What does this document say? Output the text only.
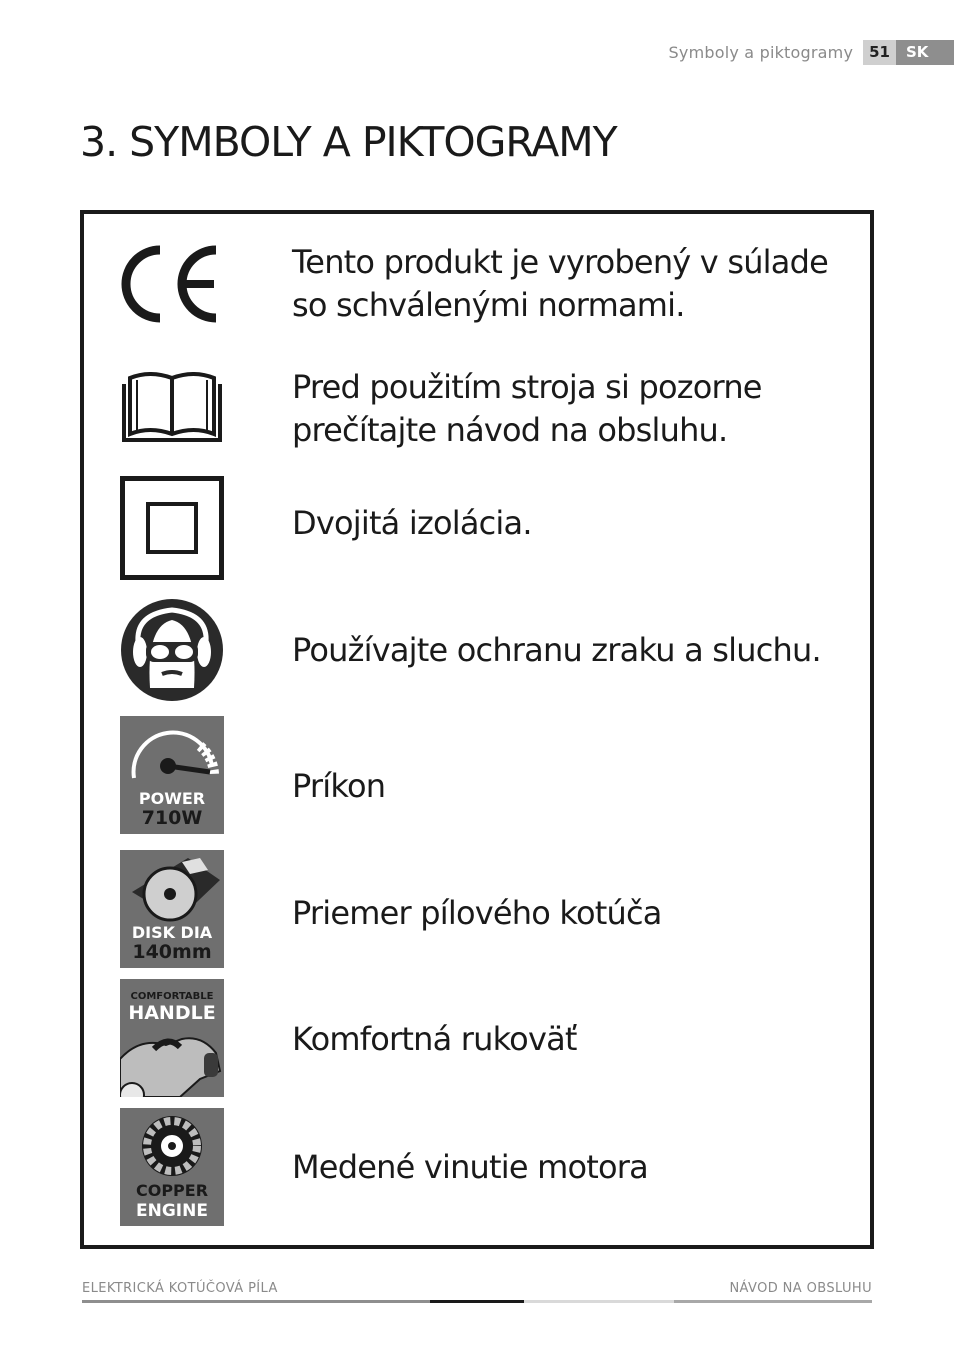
Symboly a piktogramy	51	SK
3. SYMBOLY A PIKTOGRAMY
Tento produkt je vyrobený v súlade
so schválenými normami.
Pred použitím stroja si pozorne
prečítajte návod na obsluhu.
Dvojitá izolácia.
Používajte ochranu zraku a sluchu.
POWER
710W
Príkon
DISK DIA
140mm
Priemer pílového kotúča
COMFORTABLE
HANDLE
Komfortná rukoväť
COPPER
ENGINE
Medené vinutie motora
ELEKTRICKÁ KOTÚČOVÁ PÍLA	NÁVOD NA OBSLUHU
